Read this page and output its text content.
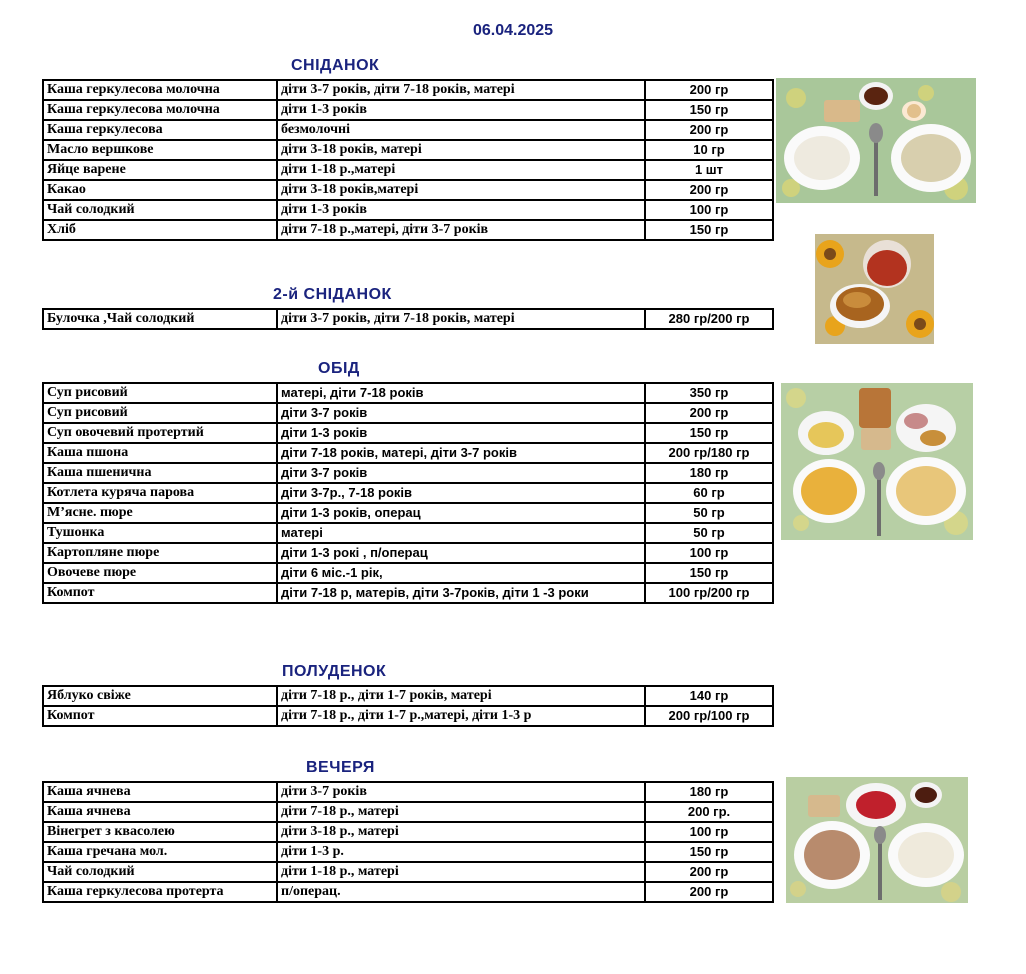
06.04.2025
СНІДАНОК
Каша геркулесова молочна	діти 3-7 років, діти 7-18 років, матері	200 гр
Каша геркулесова молочна	діти 1-3 років	150 гр
Каша геркулесова	безмолочні	200 гр
Масло вершкове	діти 3-18 років, матері	10 гр
Яйце варене	діти 1-18 р.,матері	1 шт
Какао	діти 3-18 років,матері	200 гр
Чай солодкий	діти 1-3 років	100 гр
Хліб	діти 7-18 р.,матері, діти 3-7 років	150 гр
2-й СНІДАНОК
Булочка ,Чай солодкий	діти 3-7 років, діти 7-18 років, матері	280 гр/200 гр
ОБІД
Суп рисовий	матері, діти 7-18 років	350 гр
Суп рисовий	діти 3-7 років	200 гр
Суп овочевий протертий	діти 1-3 років	150 гр
Каша пшона	діти 7-18 років, матері, діти 3-7 років	200 гр/180 гр
Каша пшенична	діти 3-7 років	180 гр
Котлета куряча парова	діти 3-7р., 7-18 років	60 гр
М’ясне. пюре	діти 1-3 років, операц	50 гр
Тушонка	матері	50 гр
Картопляне пюре	діти 1-3 рокі , п/операц	100 гр
Овочеве пюре	діти 6 міс.-1 рік,	150 гр
Компот	діти 7-18 р, матерів, діти 3-7років, діти 1 -3 роки	100 гр/200 гр
ПОЛУДЕНОК
Яблуко свіже	діти 7-18 р., діти 1-7 років, матері	140 гр
Компот	діти 7-18 р., діти 1-7 р.,матері, діти 1-3 р	200 гр/100 гр
ВЕЧЕРЯ
Каша ячнева	діти 3-7 років	180 гр
Каша ячнева	діти 7-18 р., матері	200 гр.
Вінегрет з квасолею	діти 3-18 р., матері	100 гр
Каша гречана мол.	діти 1-3 р.	150 гр
Чай солодкий	діти 1-18 р., матері	200 гр
Каша геркулесова протерта	п/операц.	200 гр
